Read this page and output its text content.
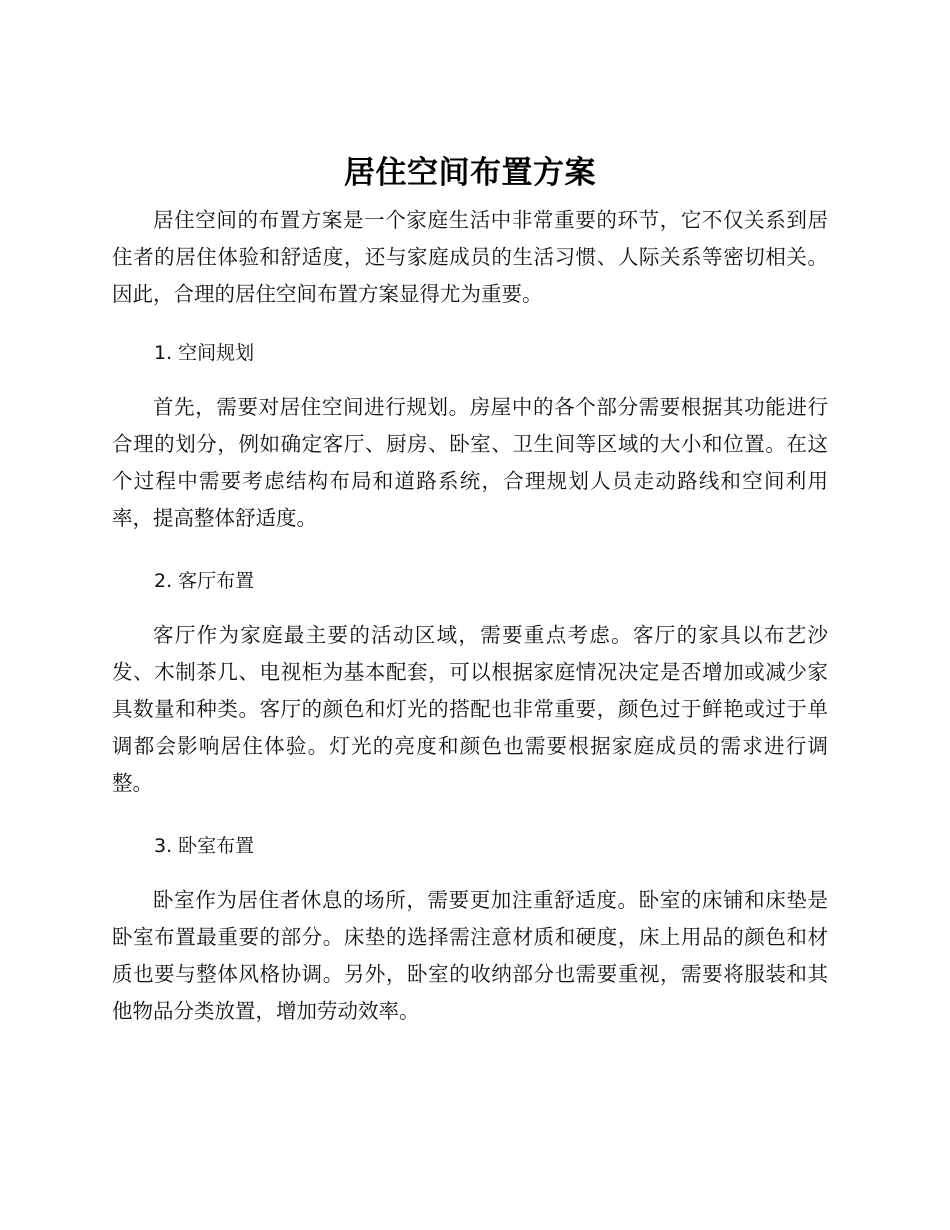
居住空间布置方案

居住空间的布置方案是一个家庭生活中非常重要的环节，它不仅关系到居住者的居住体验和舒适度，还与家庭成员的生活习惯、人际关系等密切相关。因此，合理的居住空间布置方案显得尤为重要。

1. 空间规划

首先，需要对居住空间进行规划。房屋中的各个部分需要根据其功能进行合理的划分，例如确定客厅、厨房、卧室、卫生间等区域的大小和位置。在这个过程中需要考虑结构布局和道路系统，合理规划人员走动路线和空间利用率，提高整体舒适度。

2. 客厅布置

客厅作为家庭最主要的活动区域，需要重点考虑。客厅的家具以布艺沙发、木制茶几、电视柜为基本配套，可以根据家庭情况决定是否增加或减少家具数量和种类。客厅的颜色和灯光的搭配也非常重要，颜色过于鲜艳或过于单调都会影响居住体验。灯光的亮度和颜色也需要根据家庭成员的需求进行调整。

3. 卧室布置

卧室作为居住者休息的场所，需要更加注重舒适度。卧室的床铺和床垫是卧室布置最重要的部分。床垫的选择需注意材质和硬度，床上用品的颜色和材质也要与整体风格协调。另外，卧室的收纳部分也需要重视，需要将服装和其他物品分类放置，增加劳动效率。
